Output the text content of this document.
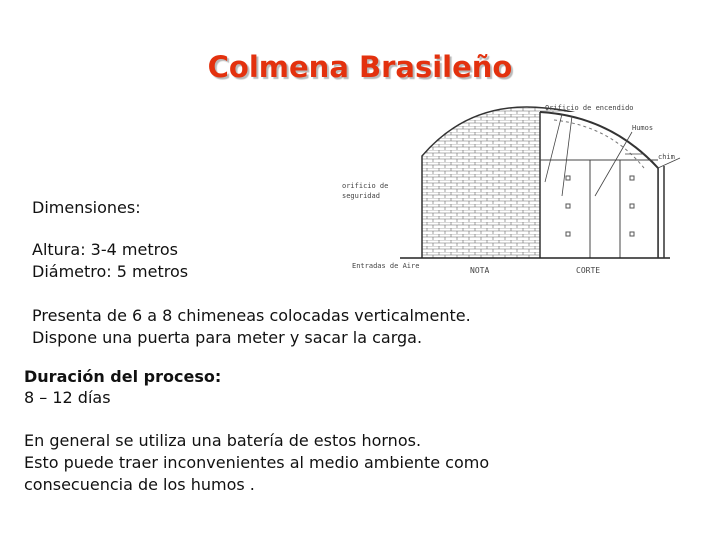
Colmena Brasileño
Orificio de encendido
Humos
chim
orificio de
seguridad
Entradas de Aire	NOTA	CORTE
Dimensiones:
Altura: 3-4 metros
Diámetro: 5 metros
Presenta de 6 a 8 chimeneas colocadas verticalmente.
Dispone una puerta para meter y sacar la carga.
Duración del proceso:
8 – 12 días
En general se utiliza una batería de estos hornos.
Esto puede traer inconvenientes al medio ambiente como
consecuencia de los humos .
